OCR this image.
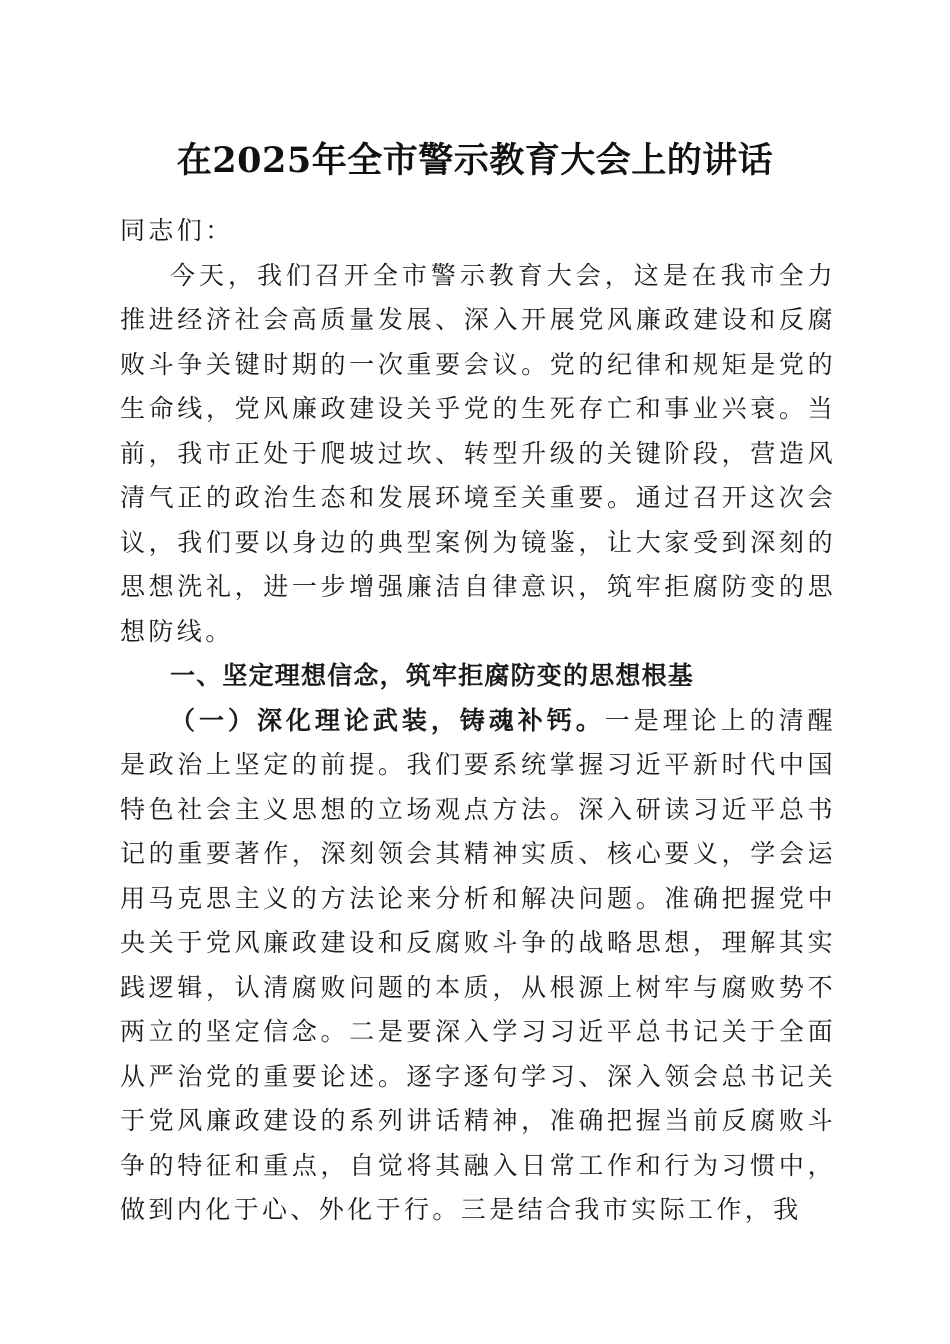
在2025年全市警示教育大会上的讲话

同志们：

今天，我们召开全市警示教育大会，这是在我市全力推进经济社会高质量发展、深入开展党风廉政建设和反腐败斗争关键时期的一次重要会议。党的纪律和规矩是党的生命线，党风廉政建设关乎党的生死存亡和事业兴衰。当前，我市正处于爬坡过坎、转型升级的关键阶段，营造风清气正的政治生态和发展环境至关重要。通过召开这次会议，我们要以身边的典型案例为镜鉴，让大家受到深刻的思想洗礼，进一步增强廉洁自律意识，筑牢拒腐防变的思想防线。

一、坚定理想信念，筑牢拒腐防变的思想根基

（一）深化理论武装，铸魂补钙。一是理论上的清醒是政治上坚定的前提。我们要系统掌握习近平新时代中国特色社会主义思想的立场观点方法。深入研读习近平总书记的重要著作，深刻领会其精神实质、核心要义，学会运用马克思主义的方法论来分析和解决问题。准确把握党中央关于党风廉政建设和反腐败斗争的战略思想，理解其实践逻辑，认清腐败问题的本质，从根源上树牢与腐败势不两立的坚定信念。二是要深入学习习近平总书记关于全面从严治党的重要论述。逐字逐句学习、深入领会总书记关于党风廉政建设的系列讲话精神，准确把握当前反腐败斗争的特征和重点，自觉将其融入日常工作和行为习惯中，做到内化于心、外化于行。三是结合我市实际工作，我
